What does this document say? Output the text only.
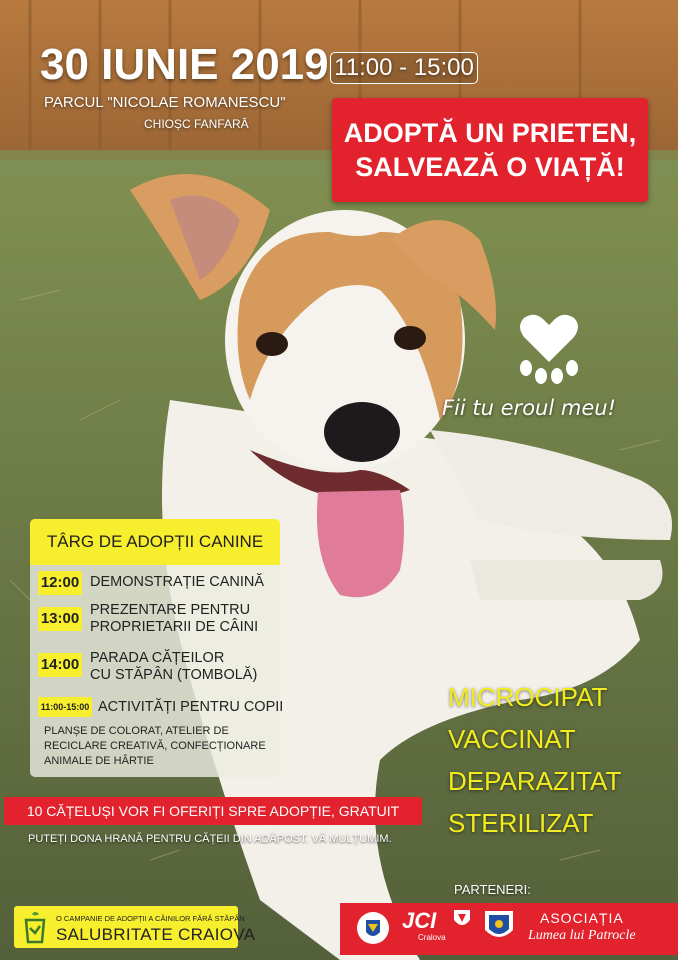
30 IUNIE 2019 11:00 - 15:00
PARCUL "NICOLAE ROMANESCU"
CHIOȘC FANFARĂ	ADOPTĂ UN PRIETEN,
SALVEAZĂ O VIAȚĂ!
Fii tu eroul meu!
TÂRG DE ADOPȚII CANINE
12:00 DEMONSTRAȚIE CANINĂ
13:00 PREZENTARE PENTRU
PROPRIETARII DE CÂINI
14:00 PARADA CĂȚEILOR
CU STĂPÂN (TOMBOLĂ)
11:00-15:00 ACTIVITĂȚI PENTRU COPII
PLANȘE DE COLORAT, ATELIER DE
RECICLARE CREATIVĂ, CONFECȚIONARE
ANIMALE DE HÂRTIE
10 CĂȚELUȘI VOR FI OFERIȚI SPRE ADOPȚIE, GRATUIT
PUTEȚI DONA HRANĂ PENTRU CĂȚEII DIN ADĂPOST. VĂ MULȚUMIM.
MICROCIPAT
VACCINAT
DEPARAZITAT
STERILIZAT
O CAMPANIE DE ADOPȚII A CÂINILOR FĂRĂ STĂPÂN
SALUBRITATE CRAIOVA
PARTENERI:
JCI
Cralova
ASOCIAȚIA
Lumea lui Patrocle
